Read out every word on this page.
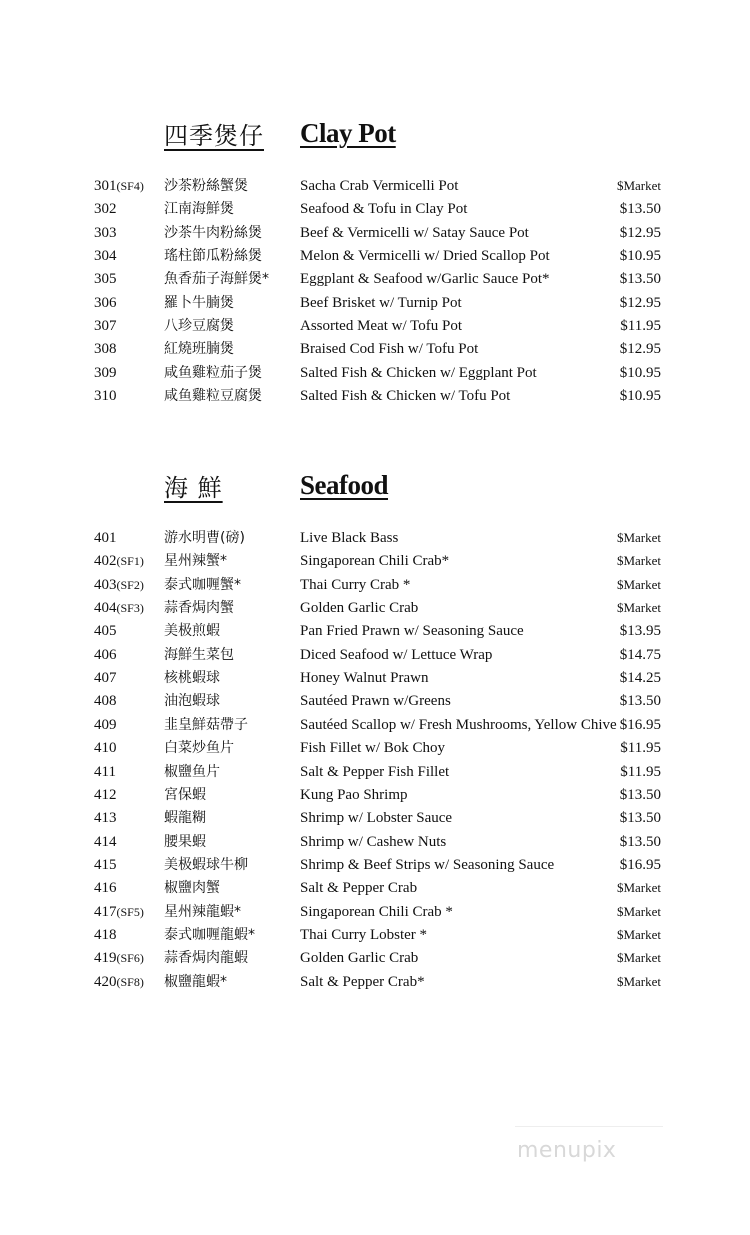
四季煲仔 Clay Pot
301(SF4) 沙茶粉絲蟹煲	Sacha Crab Vermicelli Pot	$Market
302	江南海鮮煲	Seafood & Tofu in Clay Pot	$13.50
303	沙茶牛肉粉絲煲	Beef & Vermicelli w/ Satay Sauce Pot	$12.95
304	瑤柱節瓜粉絲煲	Melon & Vermicelli w/ Dried Scallop Pot	$10.95
305	魚香茄子海鮮煲* Eggplant & Seafood w/Garlic Sauce Pot*	$13.50
306	羅卜牛腩煲	Beef Brisket w/ Turnip Pot	$12.95
307	八珍豆腐煲	Assorted Meat w/ Tofu Pot	$11.95
308	紅燒班腩煲	Braised Cod Fish w/ Tofu Pot	$12.95
309	咸鱼雞粒茄子煲	Salted Fish & Chicken w/ Eggplant Pot	$10.95
310	咸鱼雞粒豆腐煲	Salted Fish & Chicken w/ Tofu Pot	$10.95
海 鮮	Seafood
401	游水明曹(磅)	Live Black Bass	$Market
402(SF1) 星州辣蟹*	Singaporean Chili Crab*	$Market
403(SF2) 泰式咖喱蟹*	Thai Curry Crab *	$Market
404(SF3) 蒜香焗肉蟹	Golden Garlic Crab	$Market
405	美极煎蝦	Pan Fried Prawn w/ Seasoning Sauce	$13.95
406	海鮮生菜包	Diced Seafood w/ Lettuce Wrap	$14.75
407	核桃蝦球	Honey Walnut Prawn	$14.25
408	油泡蝦球	Sautéed Prawn w/Greens	$13.50
409	韭皇鮮菇帶子	Sautéed Scallop w/ Fresh Mushrooms, Yellow Chive $16.95
410	白菜炒鱼片	Fish Fillet w/ Bok Choy	$11.95
411	椒鹽鱼片	Salt & Pepper Fish Fillet	$11.95
412	宮保蝦	Kung Pao Shrimp	$13.50
413	蝦龍糊	Shrimp w/ Lobster Sauce	$13.50
414	腰果蝦	Shrimp w/ Cashew Nuts	$13.50
415	美极蝦球牛柳	Shrimp & Beef Strips w/ Seasoning Sauce	$16.95
416	椒鹽肉蟹	Salt & Pepper Crab	$Market
417(SF5) 星州辣龍蝦*	Singaporean Chili Crab *	$Market
418	泰式咖喱龍蝦*	Thai Curry Lobster *	$Market
419(SF6) 蒜香焗肉龍蝦	Golden Garlic Crab	$Market
420(SF8) 椒鹽龍蝦*	Salt & Pepper Crab*	$Market
menupix
